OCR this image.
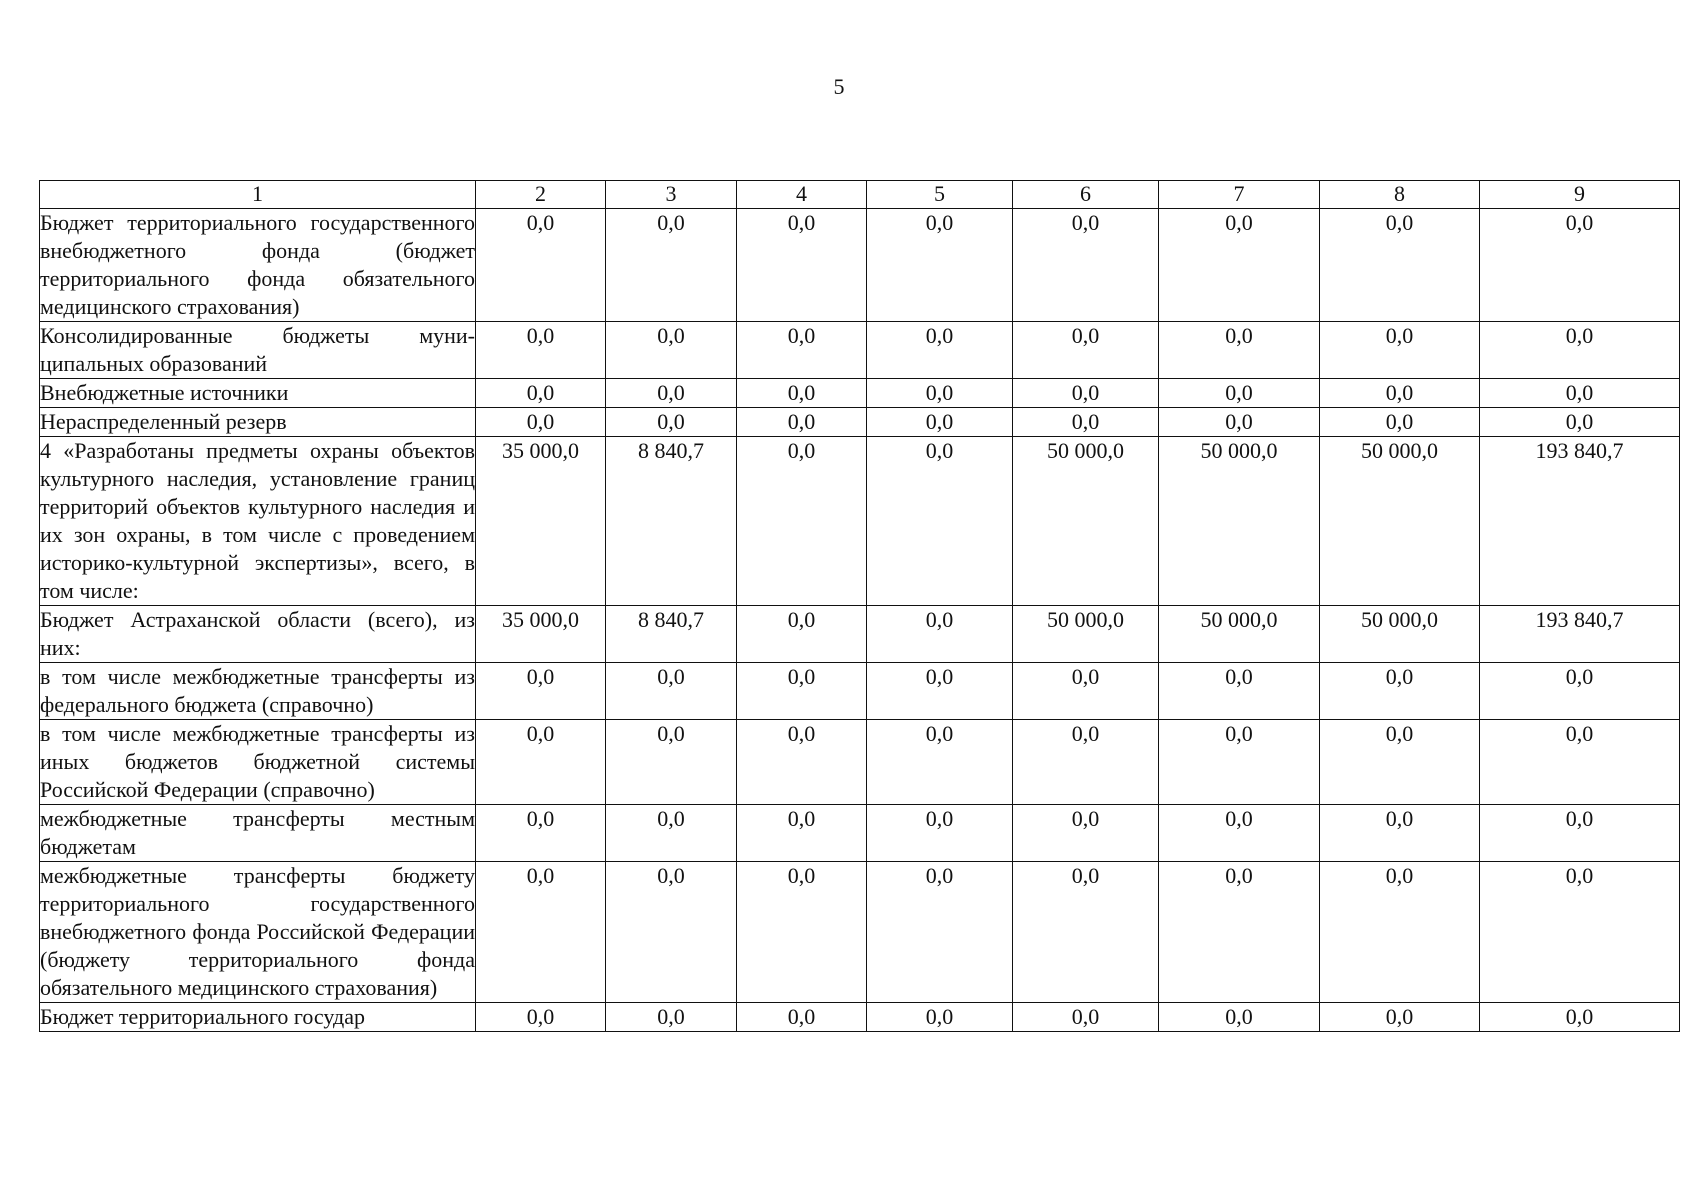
5
1	2	3	4	5	6	7	8	9
Бюджет территориального государственного внебюджетного фонда (бюджет территориального фонда обязательного медицинского страхования)	0,0	0,0	0,0	0,0	0,0	0,0	0,0	0,0
Консолидированные бюджеты муниципальных образований	0,0	0,0	0,0	0,0	0,0	0,0	0,0	0,0
Внебюджетные источники	0,0	0,0	0,0	0,0	0,0	0,0	0,0	0,0
Нераспределенный резерв	0,0	0,0	0,0	0,0	0,0	0,0	0,0	0,0
4 «Разработаны предметы охраны объектов культурного наследия, установление границ территорий объектов культурного наследия и их зон охраны, в том числе с проведением историко-культурной экспертизы», всего, в том числе:	35 000,0	8 840,7	0,0	0,0	50 000,0	50 000,0	50 000,0	193 840,7
Бюджет Астраханской области (всего), из них:	35 000,0	8 840,7	0,0	0,0	50 000,0	50 000,0	50 000,0	193 840,7
в том числе межбюджетные трансферты из федерального бюджета (справочно)	0,0	0,0	0,0	0,0	0,0	0,0	0,0	0,0
в том числе межбюджетные трансферты из иных бюджетов бюджетной системы Российской Федерации (справочно)	0,0	0,0	0,0	0,0	0,0	0,0	0,0	0,0
межбюджетные трансферты местным бюджетам	0,0	0,0	0,0	0,0	0,0	0,0	0,0	0,0
межбюджетные трансферты бюджету территориального государственного внебюджетного фонда Российской Федерации (бюджету территориального фонда обязательного медицинского страхования)	0,0	0,0	0,0	0,0	0,0	0,0	0,0	0,0
Бюджет территориального государ	0,0	0,0	0,0	0,0	0,0	0,0	0,0	0,0
